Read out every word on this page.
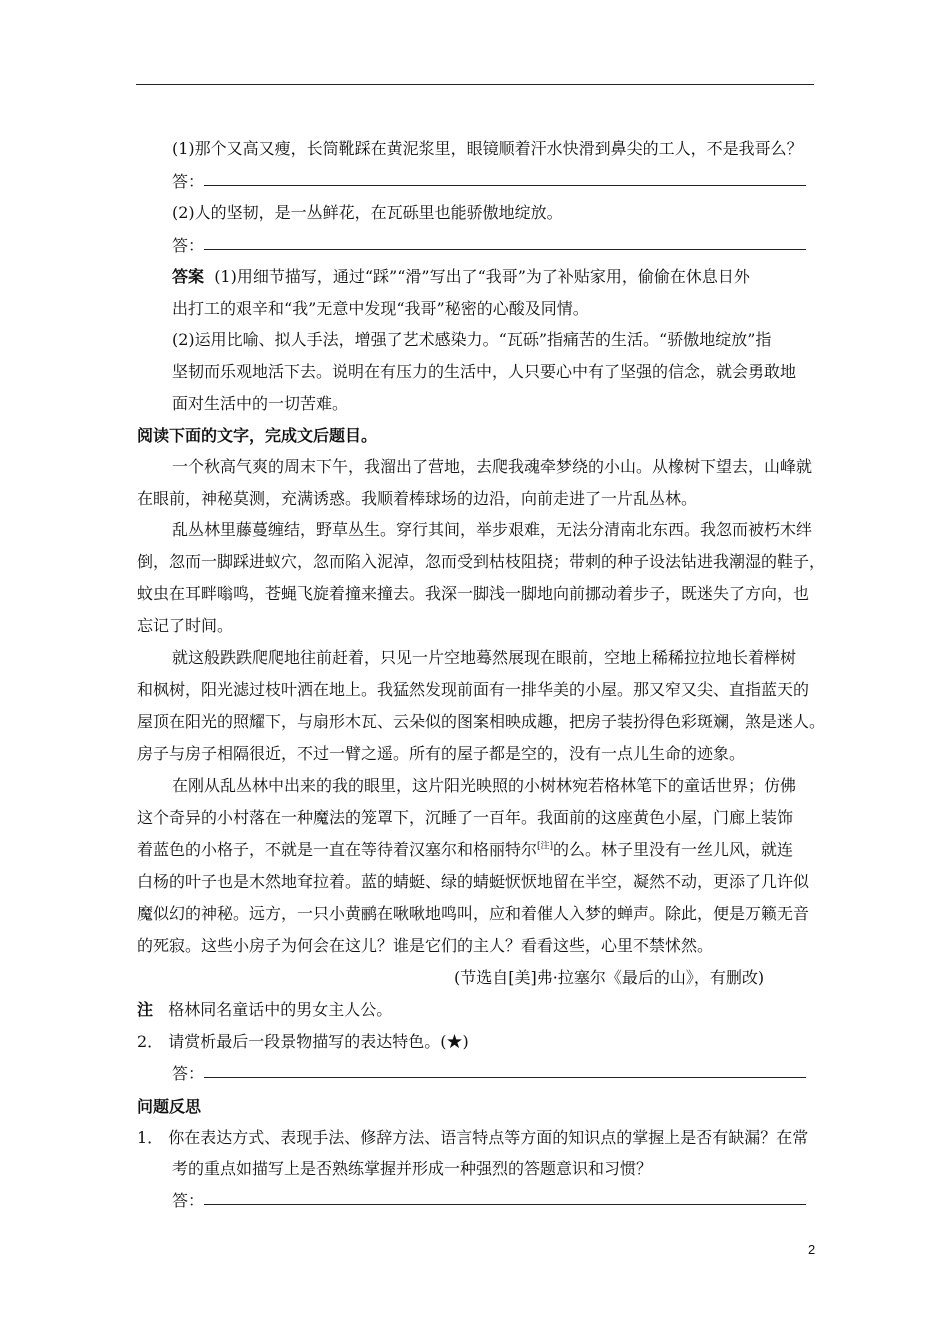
(1)那个又高又瘦，长筒靴踩在黄泥浆里，眼镜顺着汗水快滑到鼻尖的工人，不是我哥么？
答：
(2)人的坚韧，是一丛鲜花，在瓦砾里也能骄傲地绽放。
答：
答案 (1)用细节描写，通过“踩”“滑”写出了“我哥”为了补贴家用，偷偷在休息日外
出打工的艰辛和“我”无意中发现“我哥”秘密的心酸及同情。
(2)运用比喻、拟人手法，增强了艺术感染力。“瓦砾”指痛苦的生活。“骄傲地绽放”指
坚韧而乐观地活下去。说明在有压力的生活中，人只要心中有了坚强的信念，就会勇敢地
面对生活中的一切苦难。
阅读下面的文字，完成文后题目。
一个秋高气爽的周末下午，我溜出了营地，去爬我魂牵梦绕的小山。从橡树下望去，山峰就
在眼前，神秘莫测，充满诱惑。我顺着棒球场的边沿，向前走进了一片乱丛林。
乱丛林里藤蔓缠结，野草丛生。穿行其间，举步艰难，无法分清南北东西。我忽而被朽木绊
倒，忽而一脚踩进蚁穴，忽而陷入泥淖，忽而受到枯枝阻挠；带刺的种子设法钻进我潮湿的鞋子，
蚊虫在耳畔嗡鸣，苍蝇飞旋着撞来撞去。我深一脚浅一脚地向前挪动着步子，既迷失了方向，也
忘记了时间。
就这般跌跌爬爬地往前赶着，只见一片空地蓦然展现在眼前，空地上稀稀拉拉地长着榉树
和枫树，阳光滤过枝叶洒在地上。我猛然发现前面有一排华美的小屋。那又窄又尖、直指蓝天的
屋顶在阳光的照耀下，与扇形木瓦、云朵似的图案相映成趣，把房子装扮得色彩斑斓，煞是迷人。
房子与房子相隔很近，不过一臂之遥。所有的屋子都是空的，没有一点儿生命的迹象。
在刚从乱丛林中出来的我的眼里，这片阳光映照的小树林宛若格林笔下的童话世界；仿佛
这个奇异的小村落在一种魔法的笼罩下，沉睡了一百年。我面前的这座黄色小屋，门廊上装饰
着蓝色的小格子，不就是一直在等待着汉塞尔和格丽特尔[注]的么。林子里没有一丝儿风，就连
白杨的叶子也是木然地耷拉着。蓝的蜻蜓、绿的蜻蜓恹恹地留在半空，凝然不动，更添了几许似
魔似幻的神秘。远方，一只小黄鹂在啾啾地鸣叫，应和着催人入梦的蝉声。除此，便是万籁无音
的死寂。这些小房子为何会在这儿？谁是它们的主人？看看这些，心里不禁怵然。
(节选自[美]弗·拉塞尔《最后的山》，有删改)
注 格林同名童话中的男女主人公。
2． 请赏析最后一段景物描写的表达特色。(★)
答：
问题反思
1． 你在表达方式、表现手法、修辞方法、语言特点等方面的知识点的掌握上是否有缺漏？在常
考的重点如描写上是否熟练掌握并形成一种强烈的答题意识和习惯？
答：
2
